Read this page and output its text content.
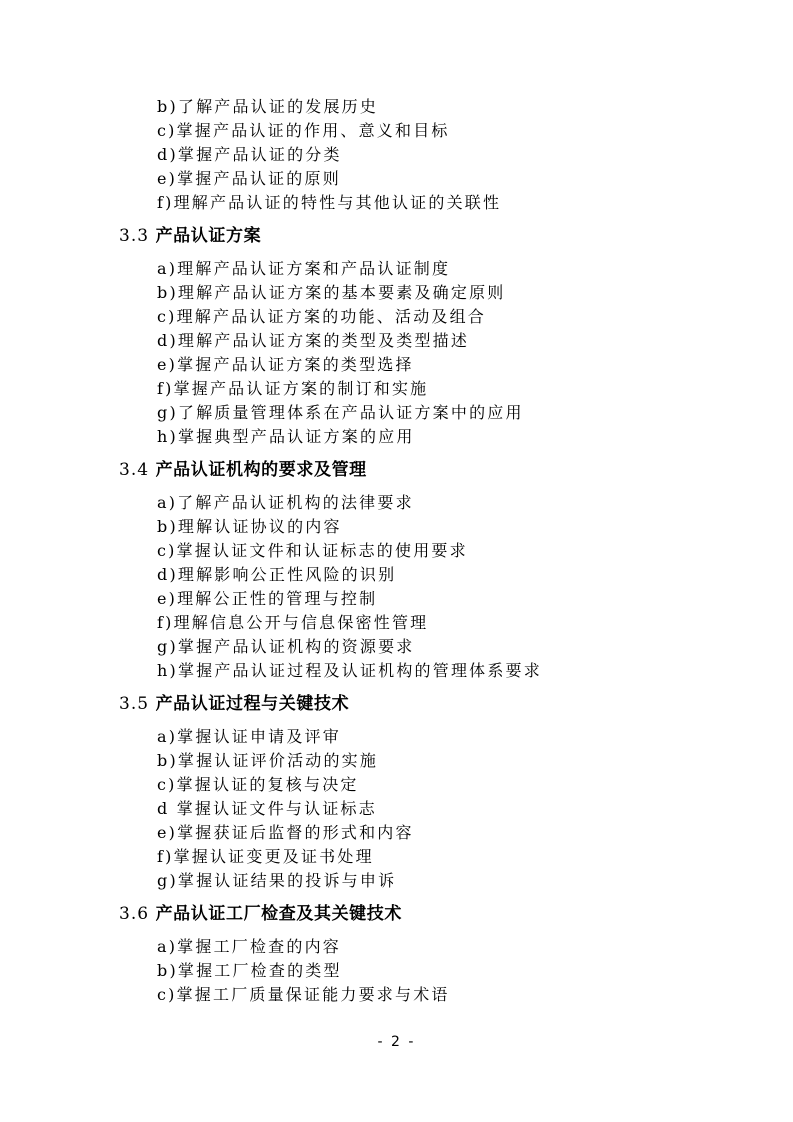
b)了解产品认证的发展历史
c)掌握产品认证的作用、意义和目标
d)掌握产品认证的分类
e)掌握产品认证的原则
f)理解产品认证的特性与其他认证的关联性
3.3 产品认证方案
a)理解产品认证方案和产品认证制度
b)理解产品认证方案的基本要素及确定原则
c)理解产品认证方案的功能、活动及组合
d)理解产品认证方案的类型及类型描述
e)掌握产品认证方案的类型选择
f)掌握产品认证方案的制订和实施
g)了解质量管理体系在产品认证方案中的应用
h)掌握典型产品认证方案的应用
3.4 产品认证机构的要求及管理
a)了解产品认证机构的法律要求
b)理解认证协议的内容
c)掌握认证文件和认证标志的使用要求
d)理解影响公正性风险的识别
e)理解公正性的管理与控制
f)理解信息公开与信息保密性管理
g)掌握产品认证机构的资源要求
h)掌握产品认证过程及认证机构的管理体系要求
3.5 产品认证过程与关键技术
a)掌握认证申请及评审
b)掌握认证评价活动的实施
c)掌握认证的复核与决定
d 掌握认证文件与认证标志
e)掌握获证后监督的形式和内容
f)掌握认证变更及证书处理
g)掌握认证结果的投诉与申诉
3.6 产品认证工厂检查及其关键技术
a)掌握工厂检查的内容
b)掌握工厂检查的类型
c)掌握工厂质量保证能力要求与术语
- 2 -
